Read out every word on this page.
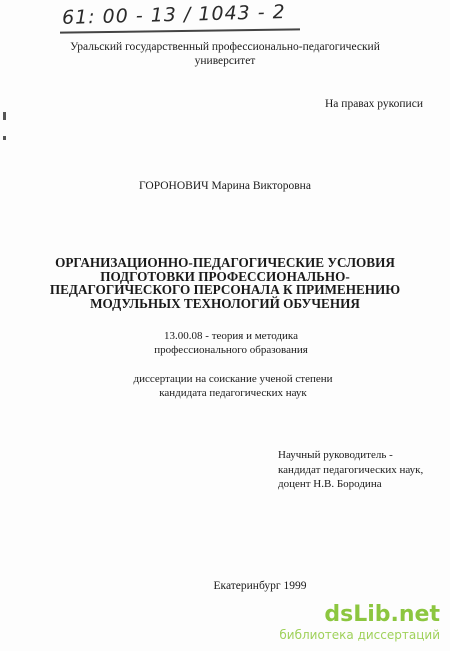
61: 00 - 13 / 1043 - 2
Уральский государственный профессионально-педагогический
университет
На правах рукописи
ГОРОНОВИЧ Марина Викторовна
ОРГАНИЗАЦИОННО-ПЕДАГОГИЧЕСКИЕ УСЛОВИЯ
ПОДГОТОВКИ ПРОФЕССИОНАЛЬНО-
ПЕДАГОГИЧЕСКОГО ПЕРСОНАЛА К ПРИМЕНЕНИЮ
МОДУЛЬНЫХ ТЕХНОЛОГИЙ ОБУЧЕНИЯ
13.00.08 - теория и методика
профессионального образования
диссертации на соискание ученой степени
кандидата педагогических наук
Научный руководитель -
кандидат педагогических наук,
доцент Н.В. Бородина
Екатеринбург 1999
dsLib.net
библиотека диссертаций
